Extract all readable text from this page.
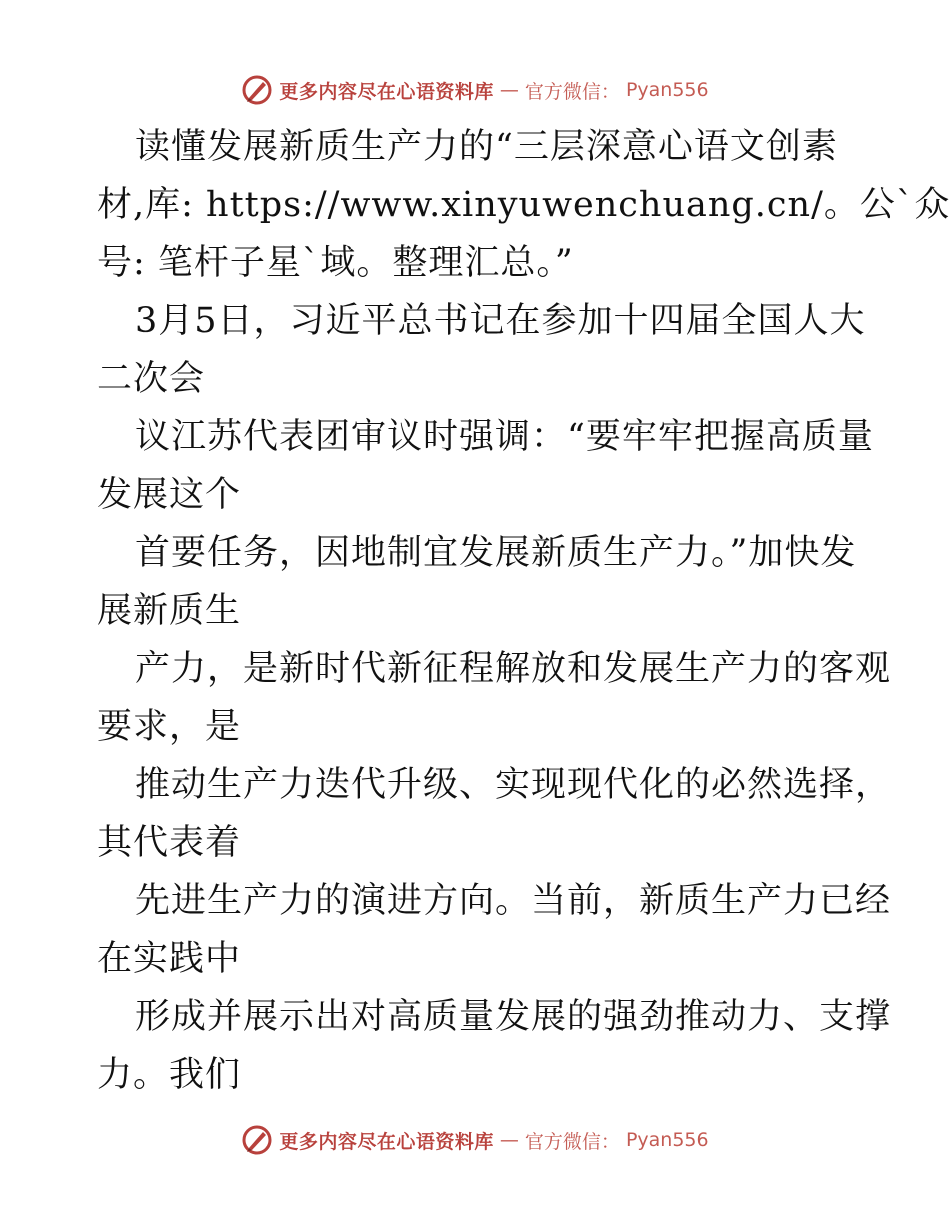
更多内容尽在心语资料库 — 官方微信： Pyan556
读懂发展新质生产力的“三层深意心语文创素
材,库: https://www.xinyuwenchuang.cn/。公`众
号: 笔杆子星`域。整理汇总。”
3月5日，习近平总书记在参加十四届全国人大
二次会
议江苏代表团审议时强调：“要牢牢把握高质量
发展这个
首要任务，因地制宜发展新质生产力。”加快发
展新质生
产力，是新时代新征程解放和发展生产力的客观
要求，是
推动生产力迭代升级、实现现代化的必然选择，
其代表着
先进生产力的演进方向。当前，新质生产力已经
在实践中
形成并展示出对高质量发展的强劲推动力、支撑
力。我们
更多内容尽在心语资料库 — 官方微信： Pyan556
